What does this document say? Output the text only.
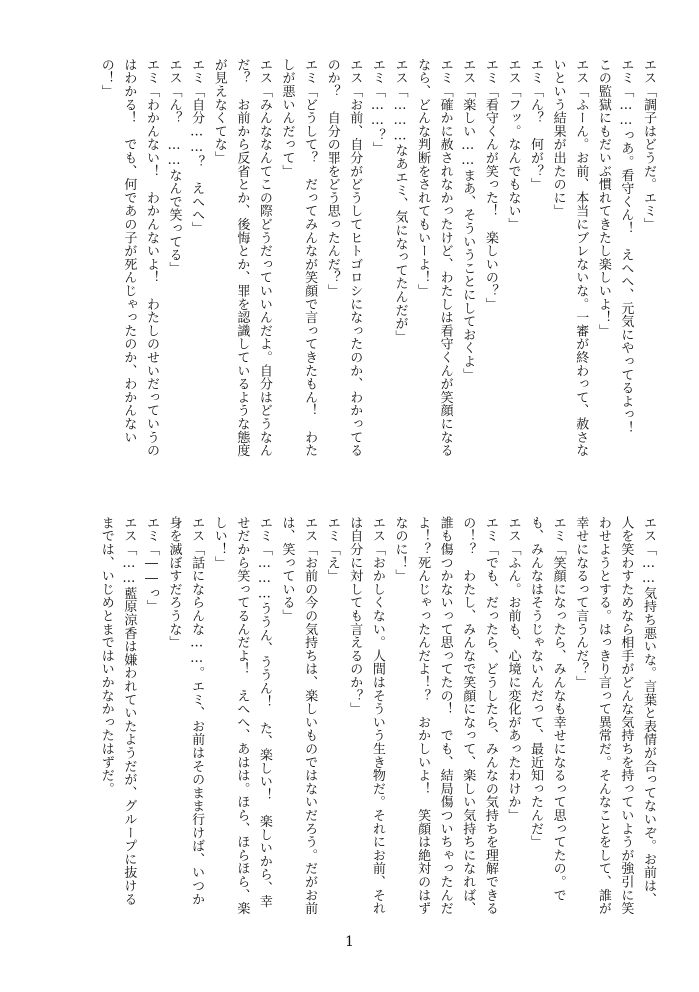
エス「調子はどうだ。エミ」

エミ「……っあ。看守くん！　えへへ、元気にやってるよっ！　この監獄にもだいぶ慣れてきたし楽しいよ！」

エス「ふーん。お前、本当にブレないな。一審が終わって、赦さないという結果が出たのに」

エミ「ん？　何が？」

エス「フッ。なんでもない」

エミ「看守くんが笑った！　楽しいの？」

エス「楽しい……まあ、そういうことにしておくよ」

エミ「確かに赦されなかったけど、わたしは看守くんが笑顔になるなら、どんな判断をされてもいーよ！」

エス「………なあエミ、気になってたんだが」

エミ「……？」

エス「お前、自分がどうしてヒトゴロシになったのか、わかってるのか？　自分の罪をどう思ったんだ？」

エミ「どうして？　だってみんなが笑顔で言ってきたもん！　わたしが悪いんだって」

エス「みんななんてこの際どうだっていいんだよ。自分はどうなんだ？　お前から反省とか、後悔とか、罪を認識しているような態度が見えなくてな」

エミ「自分……？　えへへ」

エス「ん？　……なんで笑ってる」

エミ「わかんない！　わかんないよ！　わたしのせいだっていうのはわかる！　でも、何であの子が死んじゃったのか、わかんないの！」

エス「……気持ち悪いな。言葉と表情が合ってないぞ。お前は、人を笑わすためなら相手がどんな気持ちを持っていようが強引に笑わせようとする。はっきり言って異常だ。そんなことをして、誰が幸せになるって言うんだ？」

エミ「笑顔になったら、みんなも幸せになるって思ってたの。でも、みんなはそうじゃないんだって、最近知ったんだ」

エス「ふん。お前も、心境に変化があったわけか」

エミ「でも、だったら、どうしたら、みんなの気持ちを理解できるの！？　わたし、みんなで笑顔になって、楽しい気持ちになれば、誰も傷つかないって思ってたの！　でも、結局傷ついちゃったんだよ！？死んじゃったんだよ！？　おかしいよ！　笑顔は絶対のはずなのに！」

エス「おかしくない。人間はそういう生き物だ。それにお前、それは自分に対しても言えるのか？」

エミ「え」

エス「お前の今の気持ちは、楽しいものではないだろう。だがお前は、笑っている」

エミ「………ううん、ううん！　た、楽しい！　楽しいから、幸せだから笑ってるんだよ！　えへへ、あはは。ほら、ほらほら、楽しい！」

エス「話にならんな……。エミ、お前はそのまま行けば、いつか身を滅ぼすだろうな」

エミ「――っ」

エス「……藍原涼香は嫌われていたようだが、グループに抜けるまでは、いじめとまではいかなかったはずだ。

1
